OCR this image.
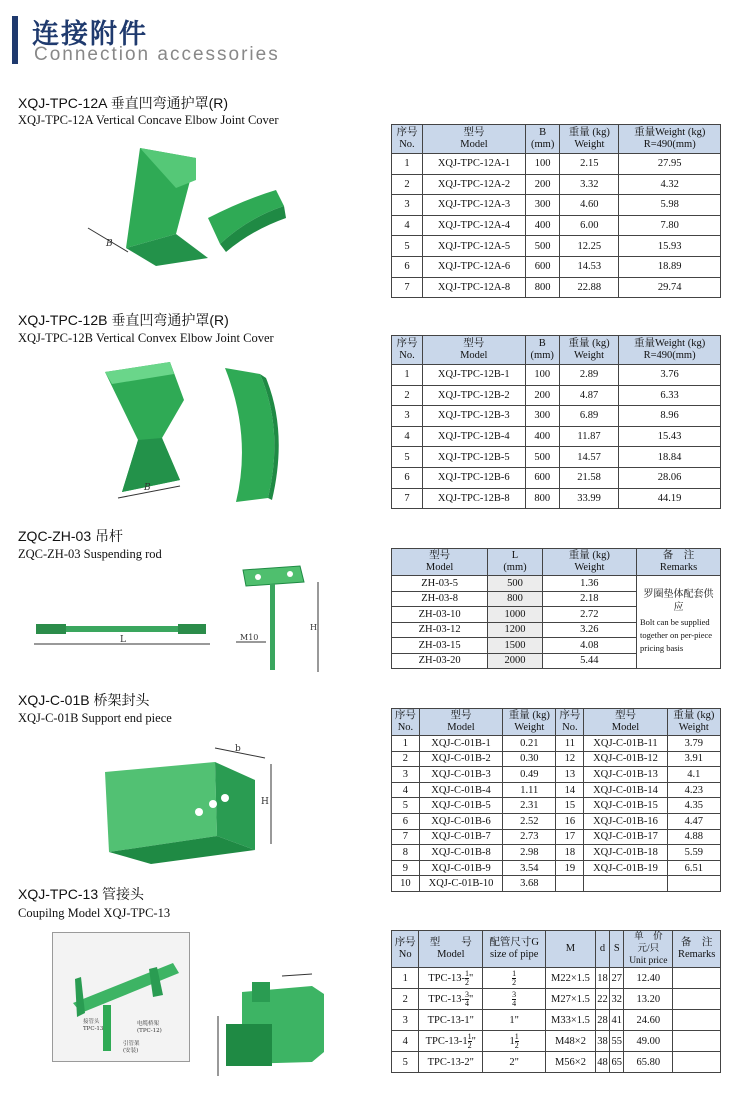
连接附件
Connection accessories
XQJ-TPC-12A 垂直凹弯通护罩(R)
XQJ-TPC-12A Vertical Concave Elbow Joint Cover
B
序号
No.	型号
Model	B
(mm)	重量 (kg)
Weight	重量Weight (kg)
R=490(mm)
1	XQJ-TPC-12A-1	100	2.15	27.95
2	XQJ-TPC-12A-2	200	3.32	4.32
3	XQJ-TPC-12A-3	300	4.60	5.98
4	XQJ-TPC-12A-4	400	6.00	7.80
5	XQJ-TPC-12A-5	500	12.25	15.93
6	XQJ-TPC-12A-6	600	14.53	18.89
7	XQJ-TPC-12A-8	800	22.88	29.74
XQJ-TPC-12B 垂直凹弯通护罩(R)
XQJ-TPC-12B Vertical Convex Elbow Joint Cover
B
序号
No.	型号
Model	B
(mm)	重量 (kg)
Weight	重量Weight (kg)
R=490(mm)
1	XQJ-TPC-12B-1	100	2.89	3.76
2	XQJ-TPC-12B-2	200	4.87	6.33
3	XQJ-TPC-12B-3	300	6.89	8.96
4	XQJ-TPC-12B-4	400	11.87	15.43
5	XQJ-TPC-12B-5	500	14.57	18.84
6	XQJ-TPC-12B-6	600	21.58	28.06
7	XQJ-TPC-12B-8	800	33.99	44.19
ZQC-ZH-03 吊杆
ZQC-ZH-03 Suspending rod
L	M10
H
型号
Model	L
(mm)	重量 (kg)
Weight	备　注
Remarks
ZH-03-5	500	1.36	罗圈垫体配套供应
Bolt can be supplied together on per-piece pricing basis

ZH-03-8	800	2.18	
ZH-03-10	1000	2.72	
ZH-03-12	1200	3.26	
ZH-03-15	1500	4.08	
ZH-03-20	2000	5.44	
XQJ-C-01B 桥架封头
XQJ-C-01B Support end piece
b
H
序号
No.	型号
Model	重量 (kg)
Weight	序号
No.	型号
Model	重量 (kg)
Weight
1	XQJ-C-01B-1	0.21	11	XQJ-C-01B-11	3.79
2	XQJ-C-01B-2	0.30	12	XQJ-C-01B-12	3.91
3	XQJ-C-01B-3	0.49	13	XQJ-C-01B-13	4.1
4	XQJ-C-01B-4	1.11	14	XQJ-C-01B-14	4.23
5	XQJ-C-01B-5	2.31	15	XQJ-C-01B-15	4.35
6	XQJ-C-01B-6	2.52	16	XQJ-C-01B-16	4.47
7	XQJ-C-01B-7	2.73	17	XQJ-C-01B-17	4.88
8	XQJ-C-01B-8	2.98	18	XQJ-C-01B-18	5.59
9	XQJ-C-01B-9	3.54	19	XQJ-C-01B-19	6.51
10	XQJ-C-01B-10	3.68			
XQJ-TPC-13 管接头
Coupilng Model XQJ-TPC-13
接管头
TPC-13
电缆桥架
(TPC-12)
引管架
(安装)
序号
No	型　　号
Model	配管尺寸G
size of pipe	M	d	S	单　价
元/只
Unit price	备　注
Remarks
1	$TPC-13- \frac{1}{2}$ "	$\frac{1}{2}$	M22×1.5	18	27	12.40	
2	$TPC-13- \frac{3}{4}$ "	$\frac{3}{4}$	M27×1.5	22	32	13.20	
3	TPC-13-1"	1"	M33×1.5	28	41	24.60	
4	$TPC-13-1 \frac{1}{2}$ "	$1 \frac{1}{2}$	M48×2	38	55	49.00	
5	TPC-13-2"	2"	M56×2	48	65	65.80	
